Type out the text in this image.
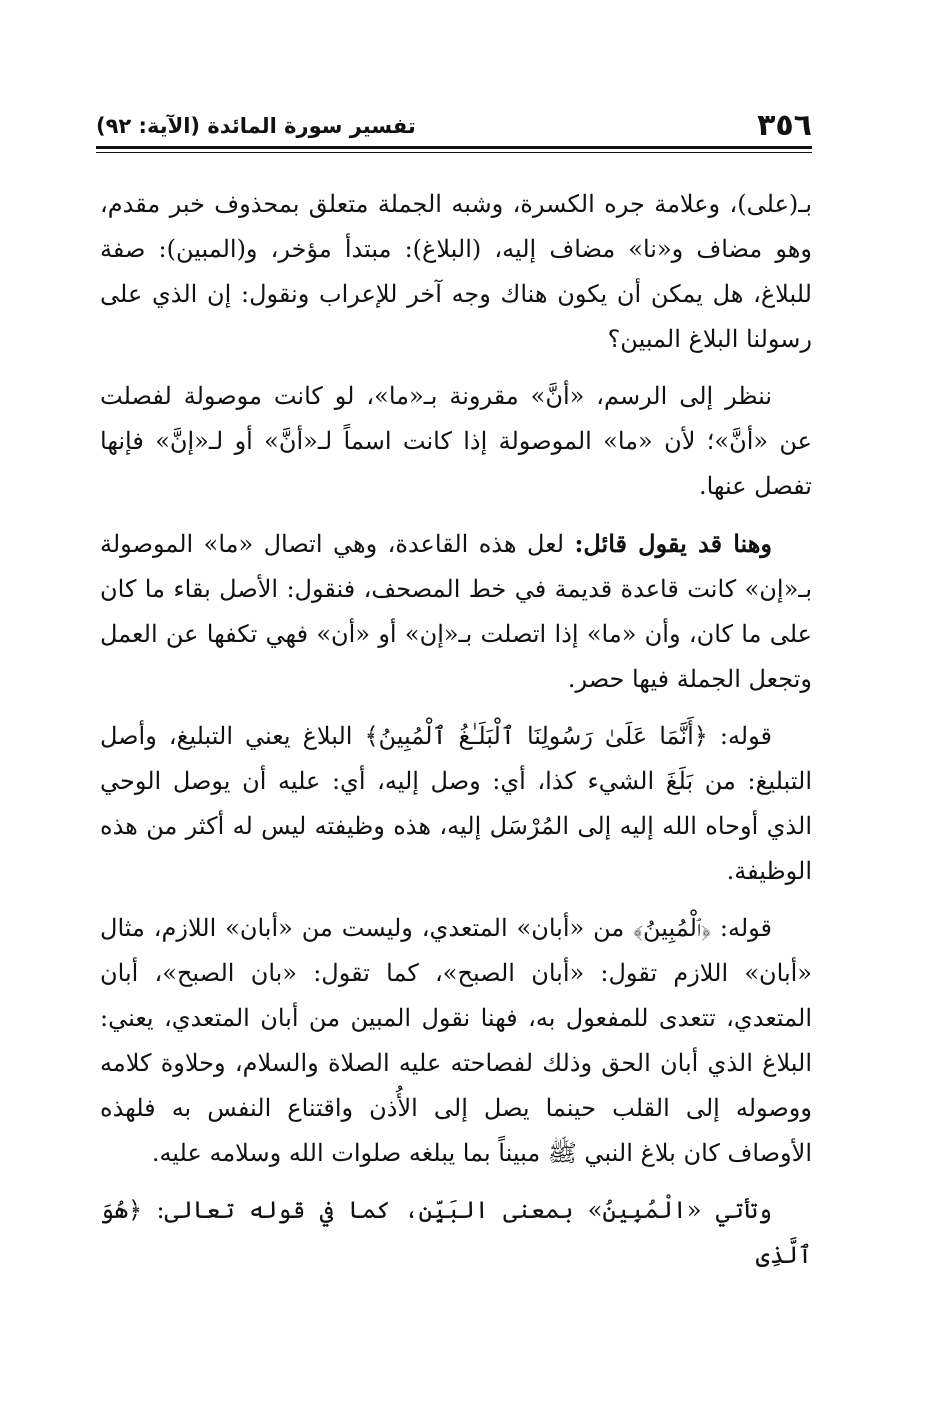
٣٥٦
تفسير سورة المائدة (الآية: ٩٢)

بـ(على)، وعلامة جره الكسرة، وشبه الجملة متعلق بمحذوف خبر مقدم، وهو مضاف و«نا» مضاف إليه، (البلاغ): مبتدأ مؤخر، و(المبين): صفة للبلاغ، هل يمكن أن يكون هناك وجه آخر للإعراب ونقول: إن الذي على رسولنا البلاغ المبين؟

ننظر إلى الرسم، «أنَّ» مقرونة بـ«ما»، لو كانت موصولة لفصلت عن «أنَّ»؛ لأن «ما» الموصولة إذا كانت اسماً لـ«أنَّ» أو لـ«إنَّ» فإنها تفصل عنها.

وهنا قد يقول قائل: لعل هذه القاعدة، وهي اتصال «ما» الموصولة بـ«إن» كانت قاعدة قديمة في خط المصحف، فنقول: الأصل بقاء ما كان على ما كان، وأن «ما» إذا اتصلت بـ«إن» أو «أن» فهي تكفها عن العمل وتجعل الجملة فيها حصر.

قوله: ﴿أَنَّمَا عَلَىٰ رَسُولِنَا ٱلْبَلَـٰغُ ٱلْمُبِينُ﴾ البلاغ يعني التبليغ، وأصل التبليغ: من بَلَغَ الشيء كذا، أي: وصل إليه، أي: عليه أن يوصل الوحي الذي أوحاه الله إليه إلى المُرْسَل إليه، هذه وظيفته ليس له أكثر من هذه الوظيفة.

قوله: ﴿ٱلْمُبِينُ﴾ من «أبان» المتعدي، وليست من «أبان» اللازم، مثال «أبان» اللازم تقول: «أبان الصبح»، كما تقول: «بان الصبح»، أبان المتعدي، تتعدى للمفعول به، فهنا نقول المبين من أبان المتعدي، يعني: البلاغ الذي أبان الحق وذلك لفصاحته عليه الصلاة والسلام، وحلاوة كلامه ووصوله إلى القلب حينما يصل إلى الأُذن واقتناع النفس به فلهذه الأوصاف كان بلاغ النبي ﷺ مبيناً بما يبلغه صلوات الله وسلامه عليه.

وتأتي «الْمُبِينُ» بمعنى البَيِّن، كما في قوله تعالى: ﴿هُوَ ٱلَّذِى
